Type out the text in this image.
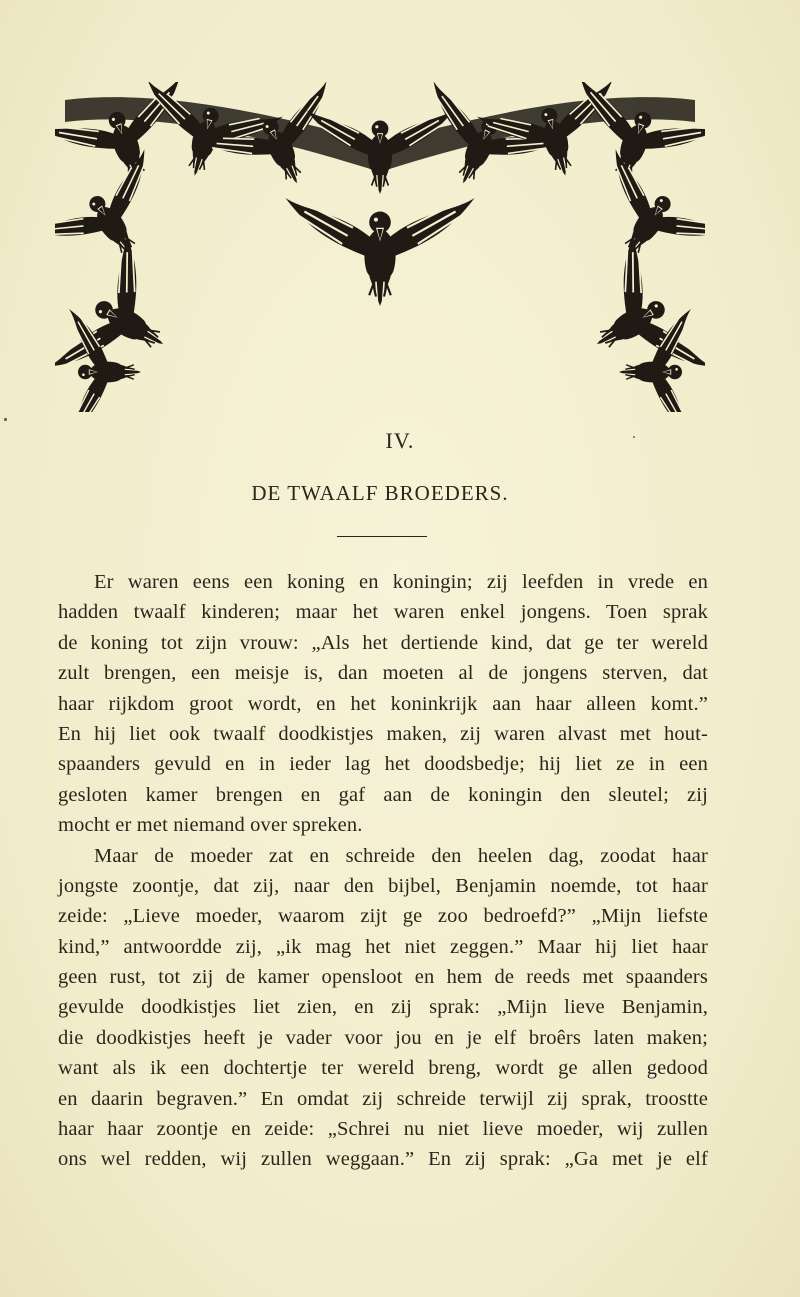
IV.
DE TWAALF BROEDERS.
Er waren eens een koning en koningin; zij leefden in vrede en
hadden twaalf kinderen; maar het waren enkel jongens. Toen sprak
de koning tot zijn vrouw: „Als het dertiende kind, dat ge ter wereld
zult brengen, een meisje is, dan moeten al de jongens sterven, dat
haar rijkdom groot wordt, en het koninkrijk aan haar alleen komt.”
En hij liet ook twaalf doodkistjes maken, zij waren alvast met hout-
spaanders gevuld en in ieder lag het doodsbedje; hij liet ze in een
gesloten kamer brengen en gaf aan de koningin den sleutel; zij
mocht er met niemand over spreken.
Maar de moeder zat en schreide den heelen dag, zoodat haar
jongste zoontje, dat zij, naar den bijbel, Benjamin noemde, tot haar
zeide: „Lieve moeder, waarom zijt ge zoo bedroefd?” „Mijn liefste
kind,” antwoordde zij, „ik mag het niet zeggen.” Maar hij liet haar
geen rust, tot zij de kamer opensloot en hem de reeds met spaanders
gevulde doodkistjes liet zien, en zij sprak: „Mijn lieve Benjamin,
die doodkistjes heeft je vader voor jou en je elf broêrs laten maken;
want als ik een dochtertje ter wereld breng, wordt ge allen gedood
en daarin begraven.” En omdat zij schreide terwijl zij sprak, troostte
haar haar zoontje en zeide: „Schrei nu niet lieve moeder, wij zullen
ons wel redden, wij zullen weggaan.” En zij sprak: „Ga met je elf
